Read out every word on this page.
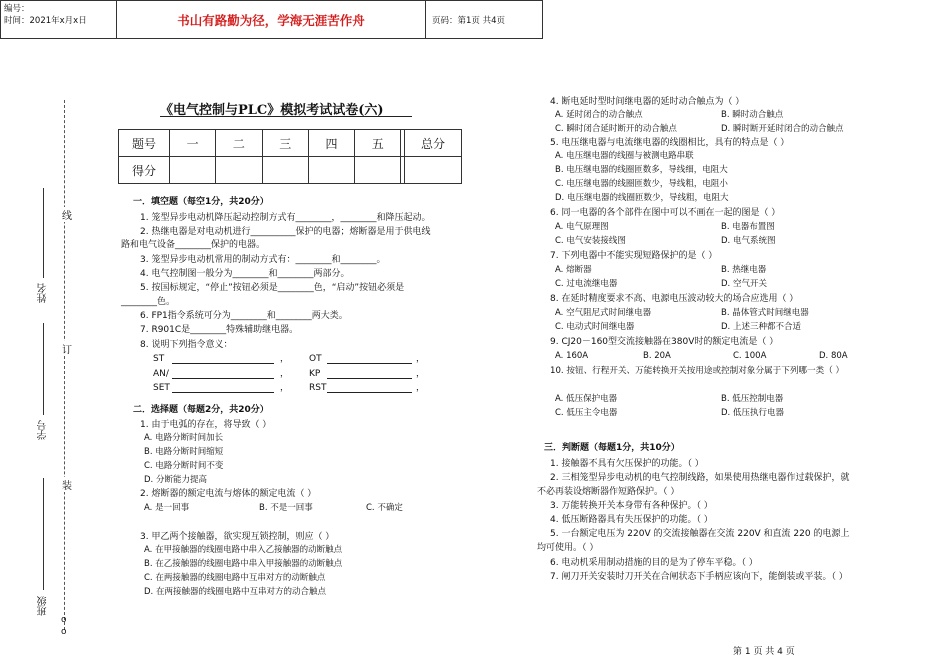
编号：
时间：2021年x月x日	书山有路勤为径，学海无涯苦作舟	页码：第1页 共4页
线
订
装
姓名
学号
班级
o
o
《电气控制与PLC》模拟考试试卷(六)
题号	一	二	三	四	五		总分
得分							
一．填空题（每空1分，共20分）
1. 笼型异步电动机降压起动控制方式有________，________和降压起动。
2. 热继电器是对电动机进行__________保护的电器；熔断器是用于供电线
路和电气设备________保护的电器。
3. 笼型异步电动机常用的制动方式有：________和________。
4. 电气控制图一般分为________和________两部分。
5. 按国标规定，“停止”按钮必须是________色，“启动”按钮必须是
________色。
6. FP1指令系统可分为________和________两大类。
7. R901C是________特殊辅助继电器。
8. 说明下列指令意义：
ST	， OT	，
AN/	， KP	，
SET	， RST	，
二．选择题（每题2分，共20分）
1. 由于电弧的存在，将导致（ ）
A. 电路分断时间加长
B. 电路分断时间缩短
C. 电路分断时间不变
D. 分断能力提高
2. 熔断器的额定电流与熔体的额定电流（ ）
A. 是一回事	B. 不是一回事	C. 不确定
3. 甲乙两个接触器，欲实现互锁控制，则应（ ）
A. 在甲接触器的线圈电路中串入乙接触器的动断触点
B. 在乙接触器的线圈电路中串入甲接触器的动断触点
C. 在两接触器的线圈电路中互串对方的动断触点
D. 在两接触器的线圈电路中互串对方的动合触点
4. 断电延时型时间继电器的延时动合触点为（ ）
A. 延时闭合的动合触点	B. 瞬时动合触点
C. 瞬时闭合延时断开的动合触点	D. 瞬时断开延时闭合的动合触点
5. 电压继电器与电流继电器的线圈相比，具有的特点是（ ）
A. 电压继电器的线圈与被测电路串联
B. 电压继电器的线圈匝数多，导线细，电阻大
C. 电压继电器的线圈匝数少，导线粗，电阻小
D. 电压继电器的线圈匝数少，导线粗，电阻大
6. 同一电器的各个部件在图中可以不画在一起的图是（ ）
A. 电气原理图	B. 电器布置图
C. 电气安装接线图	D. 电气系统图
7. 下列电器中不能实现短路保护的是（ ）
A. 熔断器	B. 热继电器
C. 过电流继电器	D. 空气开关
8. 在延时精度要求不高、电源电压波动较大的场合应选用（ ）
A. 空气阻尼式时间继电器	B. 晶体管式时间继电器
C. 电动式时间继电器	D. 上述三种都不合适
9. CJ20－160型交流接触器在380V时的额定电流是（ ）
A. 160A	B. 20A	C. 100A	D. 80A
10. 按钮、行程开关、万能转换开关按用途或控制对象分属于下列哪一类（ ）
A. 低压保护电器	B. 低压控制电器
C. 低压主令电器	D. 低压执行电器
三．判断题（每题1分，共10分）
1. 接触器不具有欠压保护的功能。（ ）
2. 三相笼型异步电动机的电气控制线路，如果使用热继电器作过载保护，就
不必再装设熔断器作短路保护。（ ）
3. 万能转换开关本身带有各种保护。（ ）
4. 低压断路器具有失压保护的功能。（ ）
5. 一台额定电压为 220V 的交流接触器在交流 220V 和直流 220 的电源上
均可使用。（ ）
6. 电动机采用制动措施的目的是为了停车平稳。（ ）
7. 闸刀开关安装时刀开关在合闸状态下手柄应该向下，能倒装或平装。（ ）
第 1 页 共 4 页
